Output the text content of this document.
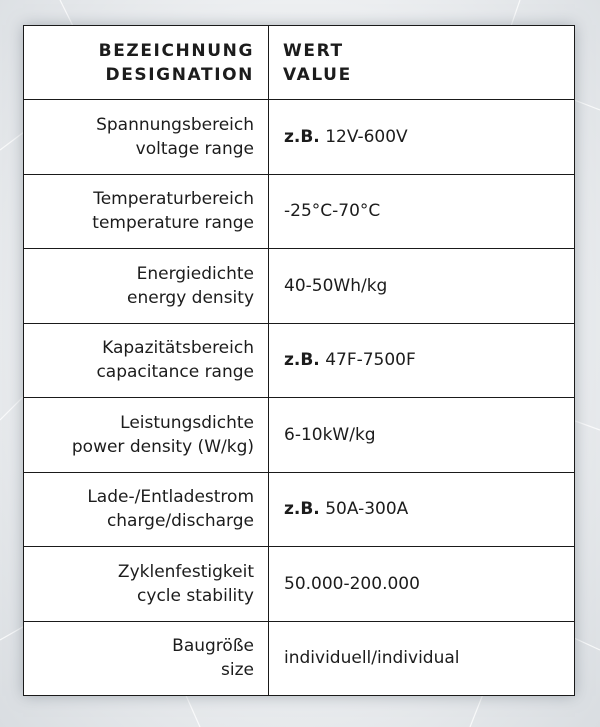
BEZEICHNUNG
DESIGNATION	WERT
VALUE

Spannungsbereich
voltage range	z.B. 12V-600V

Temperaturbereich
temperature range	-25°C-70°C

Energiedichte
energy density	40-50Wh/kg

Kapazitätsbereich
capacitance range	z.B. 47F-7500F

Leistungsdichte
power density (W/kg)	6-10kW/kg

Lade-/Entladestrom
charge/discharge	z.B. 50A-300A

Zyklenfestigkeit
cycle stability	50.000-200.000

Baugröße
size	individuell/individual
